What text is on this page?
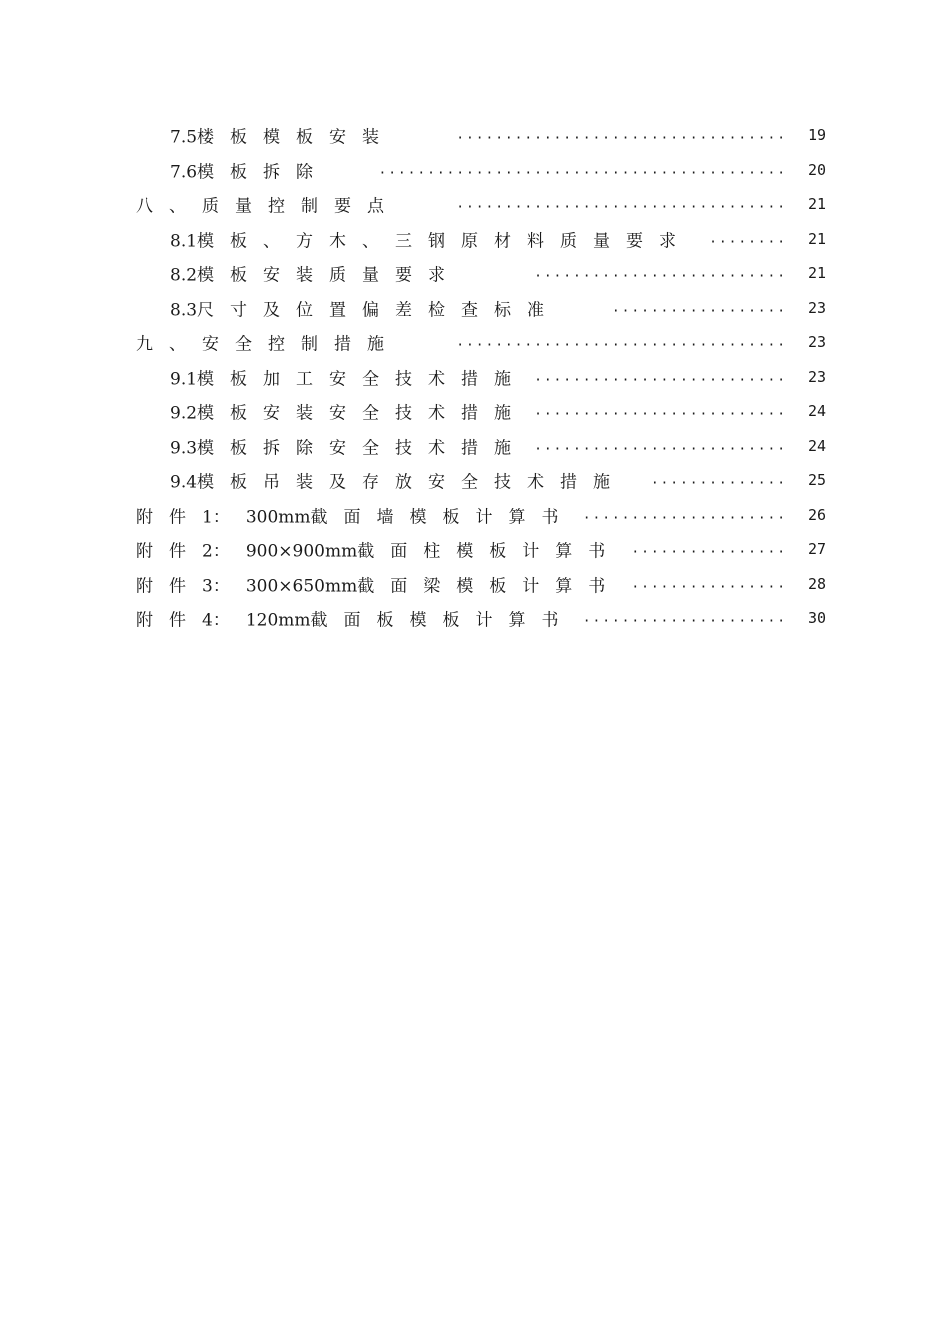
7.5楼 板 模 板 安 装	.................................. 19
7.6模 板 拆 除	.......................................... 20
八 、 质 量 控 制 要 点	.................................. 21
8.1模 板 、 方 木 、 三 钢 原 材 料 质 量 要 求	........ 21
8.2模 板 安 装 质 量 要 求	.......................... 21
8.3尺 寸 及 位 置 偏 差 检 查 标 准	.................. 23
九 、 安 全 控 制 措 施	.................................. 23
9.1模 板 加 工 安 全 技 术 措 施	.......................... 23
9.2模 板 安 装 安 全 技 术 措 施	.......................... 24
9.3模 板 拆 除 安 全 技 术 措 施	.......................... 24
9.4模 板 吊 装 及 存 放 安 全 技 术 措 施	.............. 25
附 件 1： 300mm截 面 墙 模 板 计 算 书	..................... 26
附 件 2： 900×900mm截 面 柱 模 板 计 算 书	................ 27
附 件 3： 300×650mm截 面 梁 模 板 计 算 书	................ 28
附 件 4： 120mm截 面 板 模 板 计 算 书	..................... 30
